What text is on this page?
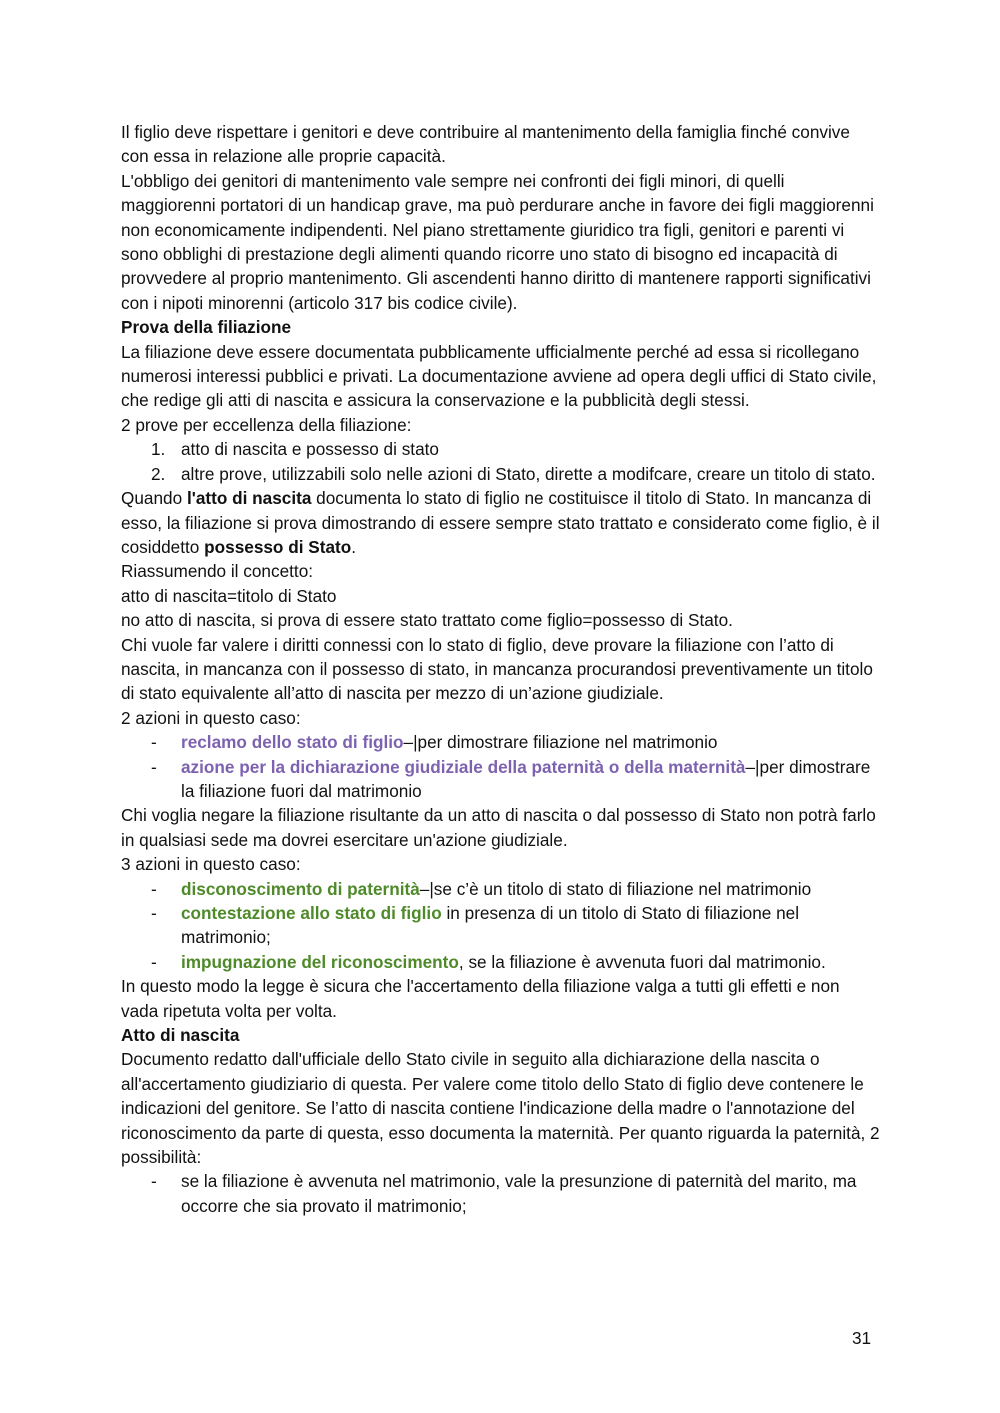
Il figlio deve rispettare i genitori e deve contribuire al mantenimento della famiglia finché convive con essa in relazione alle proprie capacità.

L'obbligo dei genitori di mantenimento vale sempre nei confronti dei figli minori, di quelli maggiorenni portatori di un handicap grave, ma può perdurare anche in favore dei figli maggiorenni non economicamente indipendenti. Nel piano strettamente giuridico tra figli, genitori e parenti vi sono obblighi di prestazione degli alimenti quando ricorre uno stato di bisogno ed incapacità di provvedere al proprio mantenimento. Gli ascendenti hanno diritto di mantenere rapporti significativi con i nipoti minorenni (articolo 317 bis codice civile).

Prova della filiazione

La filiazione deve essere documentata pubblicamente ufficialmente perché ad essa si ricollegano numerosi interessi pubblici e privati. La documentazione avviene ad opera degli uffici di Stato civile, che redige gli atti di nascita e assicura la conservazione e la pubblicità degli stessi.

2 prove per eccellenza della filiazione:

1. atto di nascita e possesso di stato
2. altre prove, utilizzabili solo nelle azioni di Stato, dirette a modifcare, creare un titolo di stato.

Quando l'atto di nascita documenta lo stato di figlio ne costituisce il titolo di Stato. In mancanza di esso, la filiazione si prova dimostrando di essere sempre stato trattato e considerato come figlio, è il cosiddetto possesso di Stato.

Riassumendo il concetto:

atto di nascita=titolo di Stato

no atto di nascita, si prova di essere stato trattato come figlio=possesso di Stato.

Chi vuole far valere i diritti connessi con lo stato di figlio, deve provare la filiazione con l’atto di nascita, in mancanza con il possesso di stato, in mancanza procurandosi preventivamente un titolo di stato equivalente all’atto di nascita per mezzo di un’azione giudiziale.

2 azioni in questo caso:

- reclamo dello stato di figlio–|per dimostrare filiazione nel matrimonio
- azione per la dichiarazione giudiziale della paternità o della maternità–|per dimostrare la filiazione fuori dal matrimonio

Chi voglia negare la filiazione risultante da un atto di nascita o dal possesso di Stato non potrà farlo in qualsiasi sede ma dovrei esercitare un'azione giudiziale.

3 azioni in questo caso:

- disconoscimento di paternità–|se c’è un titolo di stato di filiazione nel matrimonio
- contestazione allo stato di figlio in presenza di un titolo di Stato di filiazione nel matrimonio;
- impugnazione del riconoscimento, se la filiazione è avvenuta fuori dal matrimonio.

In questo modo la legge è sicura che l'accertamento della filiazione valga a tutti gli effetti e non vada ripetuta volta per volta.

Atto di nascita

Documento redatto dall'ufficiale dello Stato civile in seguito alla dichiarazione della nascita o all'accertamento giudiziario di questa. Per valere come titolo dello Stato di figlio deve contenere le indicazioni del genitore. Se l’atto di nascita contiene l'indicazione della madre o l'annotazione del riconoscimento da parte di questa, esso documenta la maternità. Per quanto riguarda la paternità, 2 possibilità:

- se la filiazione è avvenuta nel matrimonio, vale la presunzione di paternità del marito, ma occorre che sia provato il matrimonio;
31
